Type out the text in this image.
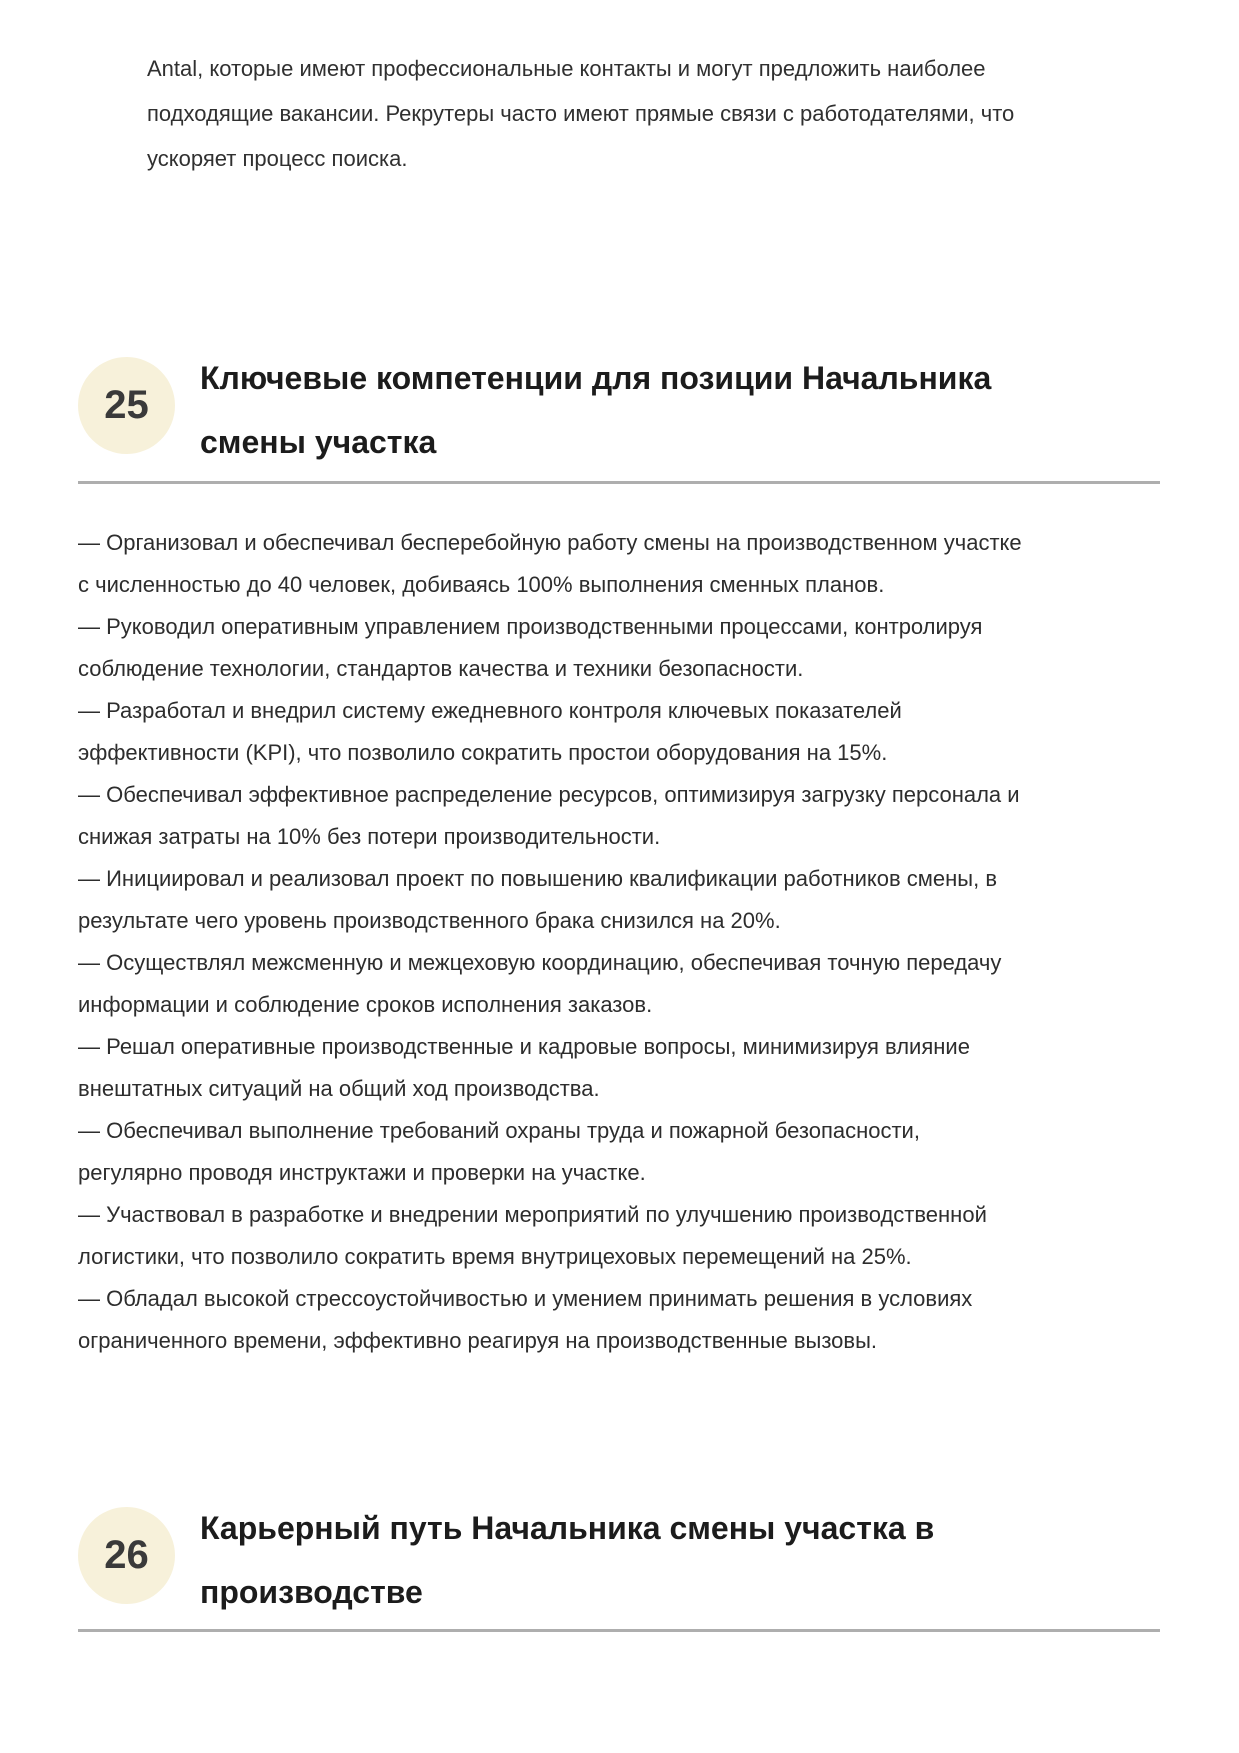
Antal, которые имеют профессиональные контакты и могут предложить наиболее
подходящие вакансии. Рекрутеры часто имеют прямые связи с работодателями, что
ускоряет процесс поиска.

25
Ключевые компетенции для позиции Начальника
смены участка

— Организовал и обеспечивал бесперебойную работу смены на производственном участке
с численностью до 40 человек, добиваясь 100% выполнения сменных планов.

— Руководил оперативным управлением производственными процессами, контролируя
соблюдение технологии, стандартов качества и техники безопасности.

— Разработал и внедрил систему ежедневного контроля ключевых показателей
эффективности (KPI), что позволило сократить простои оборудования на 15%.

— Обеспечивал эффективное распределение ресурсов, оптимизируя загрузку персонала и
снижая затраты на 10% без потери производительности.

— Инициировал и реализовал проект по повышению квалификации работников смены, в
результате чего уровень производственного брака снизился на 20%.

— Осуществлял межсменную и межцеховую координацию, обеспечивая точную передачу
информации и соблюдение сроков исполнения заказов.

— Решал оперативные производственные и кадровые вопросы, минимизируя влияние
внештатных ситуаций на общий ход производства.

— Обеспечивал выполнение требований охраны труда и пожарной безопасности,
регулярно проводя инструктажи и проверки на участке.

— Участвовал в разработке и внедрении мероприятий по улучшению производственной
логистики, что позволило сократить время внутрицеховых перемещений на 25%.

— Обладал высокой стрессоустойчивостью и умением принимать решения в условиях
ограниченного времени, эффективно реагируя на производственные вызовы.

26
Карьерный путь Начальника смены участка в
производстве
